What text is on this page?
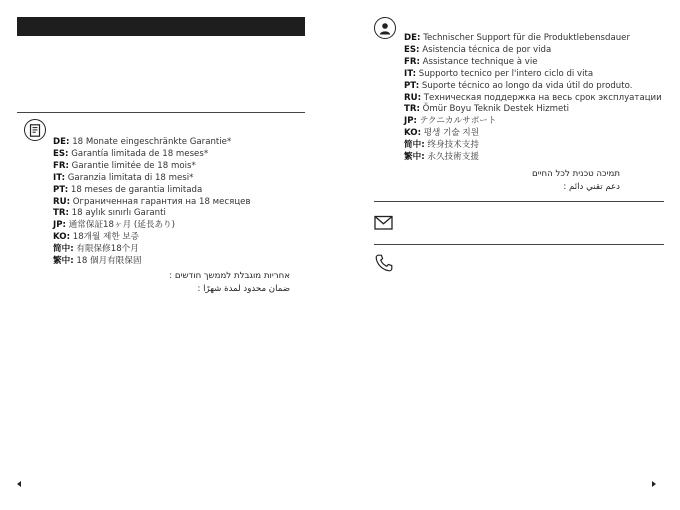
DE: 18 Monate eingeschränkte Garantie*
ES: Garantía limitada de 18 meses*
FR: Garantie limitée de 18 mois*
IT: Garanzia limitata di 18 mesi*
PT: 18 meses de garantia limitada
RU: Ограниченная гарантия на 18 месяцев
TR: 18 aylık sınırlı Garanti
JP: 通常保証18ヶ月 (延長あり)
KO: 18개월 제한 보증
简中: 有限保修18个月
繁中: 18 個月有限保固
אחריות מוגבלת לממשך חודשים :
ضمان محدود لمدة شهرًا :
DE: Technischer Support für die Produktlebensdauer
ES: Asistencia técnica de por vida
FR: Assistance technique à vie
IT: Supporto tecnico per l'intero ciclo di vita
PT: Suporte técnico ao longo da vida útil do produto.
RU: Техническая поддержка на весь срок эксплуатации
TR: Ömür Boyu Teknik Destek Hizmeti
JP: テクニカルサポート
KO: 평생 기술 지원
简中: 终身技术支持
繁中: 永久技術支援
תמיכה טכנית לכל החיים
دعم تقني دائم :
